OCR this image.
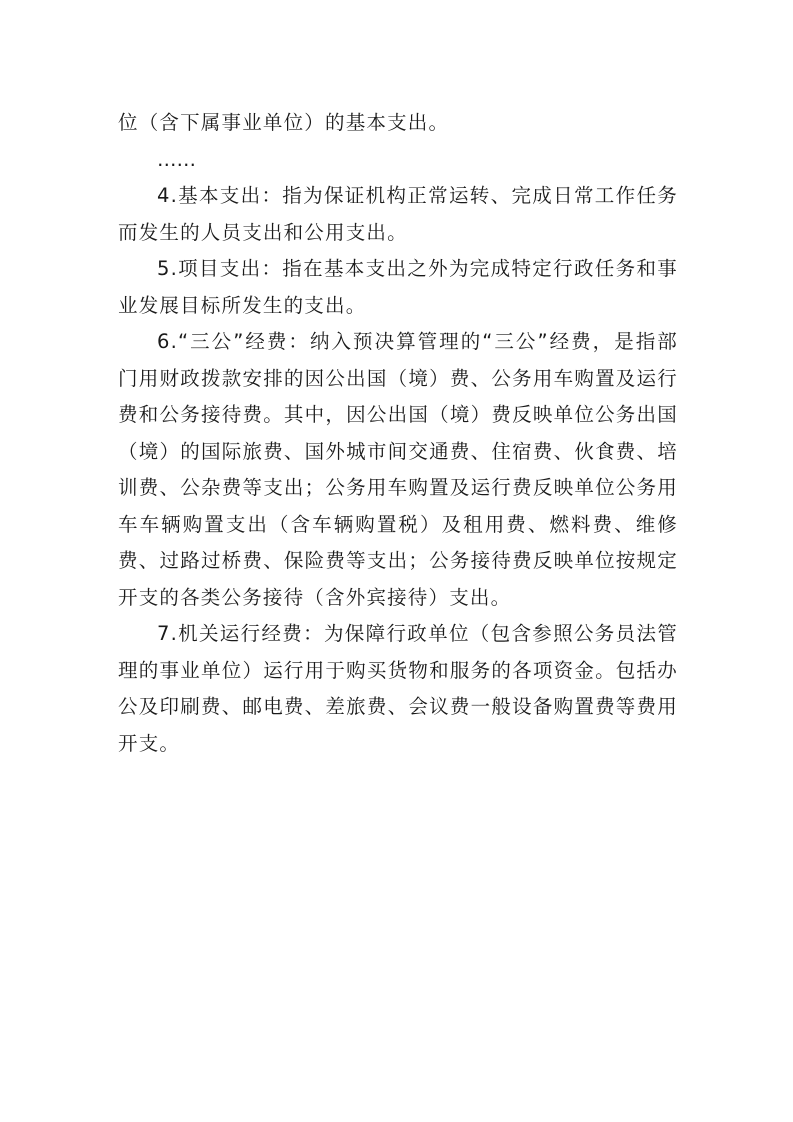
位（含下属事业单位）的基本支出。

……

4.基本支出：指为保证机构正常运转、完成日常工作任务而发生的人员支出和公用支出。

5.项目支出：指在基本支出之外为完成特定行政任务和事业发展目标所发生的支出。

6.“三公”经费：纳入预决算管理的“三公”经费，是指部门用财政拨款安排的因公出国（境）费、公务用车购置及运行费和公务接待费。其中，因公出国（境）费反映单位公务出国（境）的国际旅费、国外城市间交通费、住宿费、伙食费、培训费、公杂费等支出；公务用车购置及运行费反映单位公务用车车辆购置支出（含车辆购置税）及租用费、燃料费、维修费、过路过桥费、保险费等支出；公务接待费反映单位按规定开支的各类公务接待（含外宾接待）支出。

7.机关运行经费：为保障行政单位（包含参照公务员法管理的事业单位）运行用于购买货物和服务的各项资金。包括办公及印刷费、邮电费、差旅费、会议费一般设备购置费等费用开支。
